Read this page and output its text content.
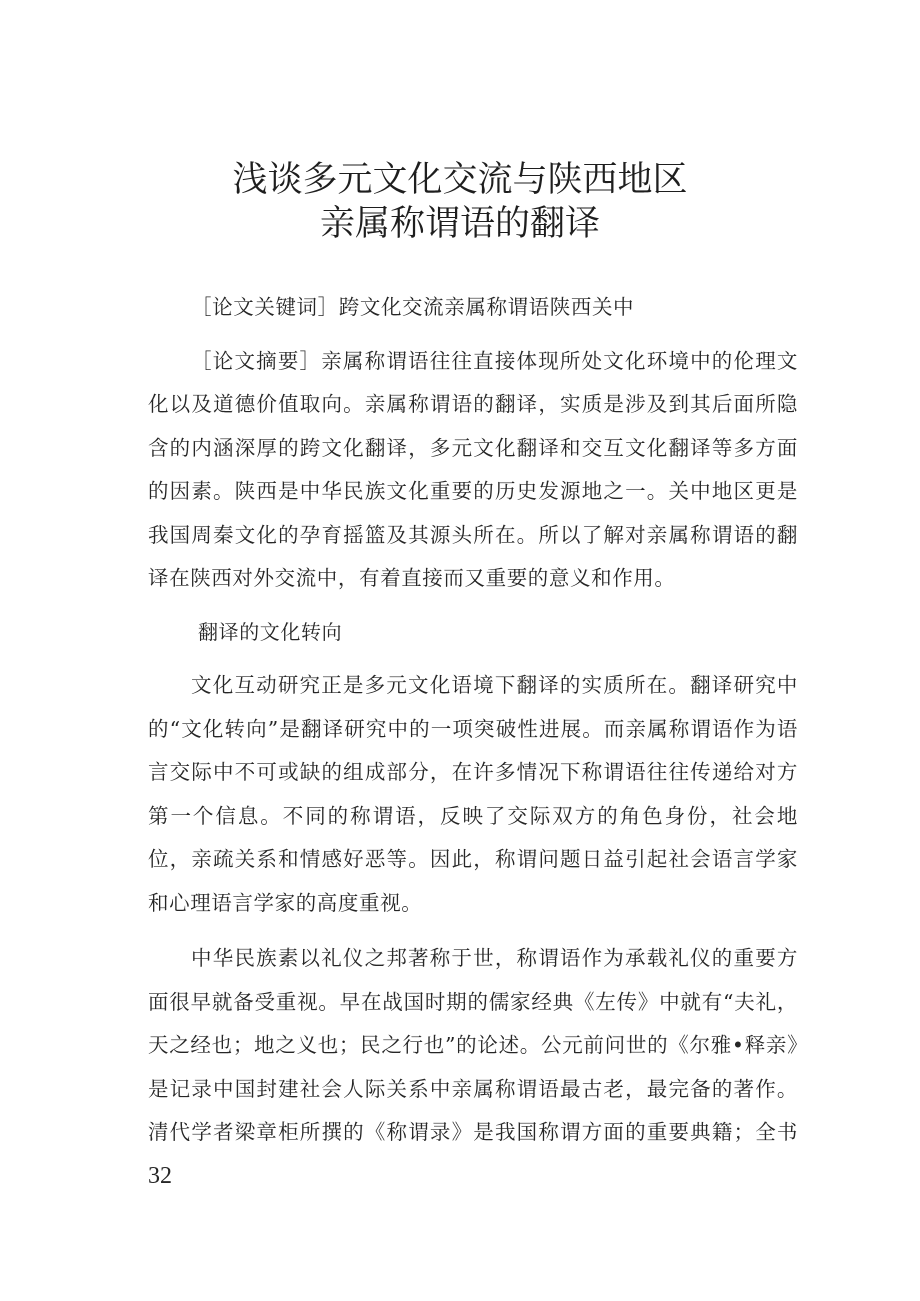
浅谈多元文化交流与陕西地区
亲属称谓语的翻译

［论文关键词］跨文化交流亲属称谓语陕西关中

［论文摘要］亲属称谓语往往直接体现所处文化环境中的伦理文化以及道德价值取向。亲属称谓语的翻译，实质是涉及到其后面所隐含的内涵深厚的跨文化翻译，多元文化翻译和交互文化翻译等多方面的因素。陕西是中华民族文化重要的历史发源地之一。关中地区更是我国周秦文化的孕育摇篮及其源头所在。所以了解对亲属称谓语的翻译在陕西对外交流中，有着直接而又重要的意义和作用。

翻译的文化转向

文化互动研究正是多元文化语境下翻译的实质所在。翻译研究中的“文化转向”是翻译研究中的一项突破性进展。而亲属称谓语作为语言交际中不可或缺的组成部分，在许多情况下称谓语往往传递给对方第一个信息。不同的称谓语，反映了交际双方的角色身份，社会地位，亲疏关系和情感好恶等。因此，称谓问题日益引起社会语言学家和心理语言学家的高度重视。

中华民族素以礼仪之邦著称于世，称谓语作为承载礼仪的重要方面很早就备受重视。早在战国时期的儒家经典《左传》中就有“夫礼，天之经也；地之义也；民之行也”的论述。公元前问世的《尔雅•释亲》是记录中国封建社会人际关系中亲属称谓语最古老，最完备的著作。清代学者梁章柜所撰的《称谓录》是我国称谓方面的重要典籍；全书32
